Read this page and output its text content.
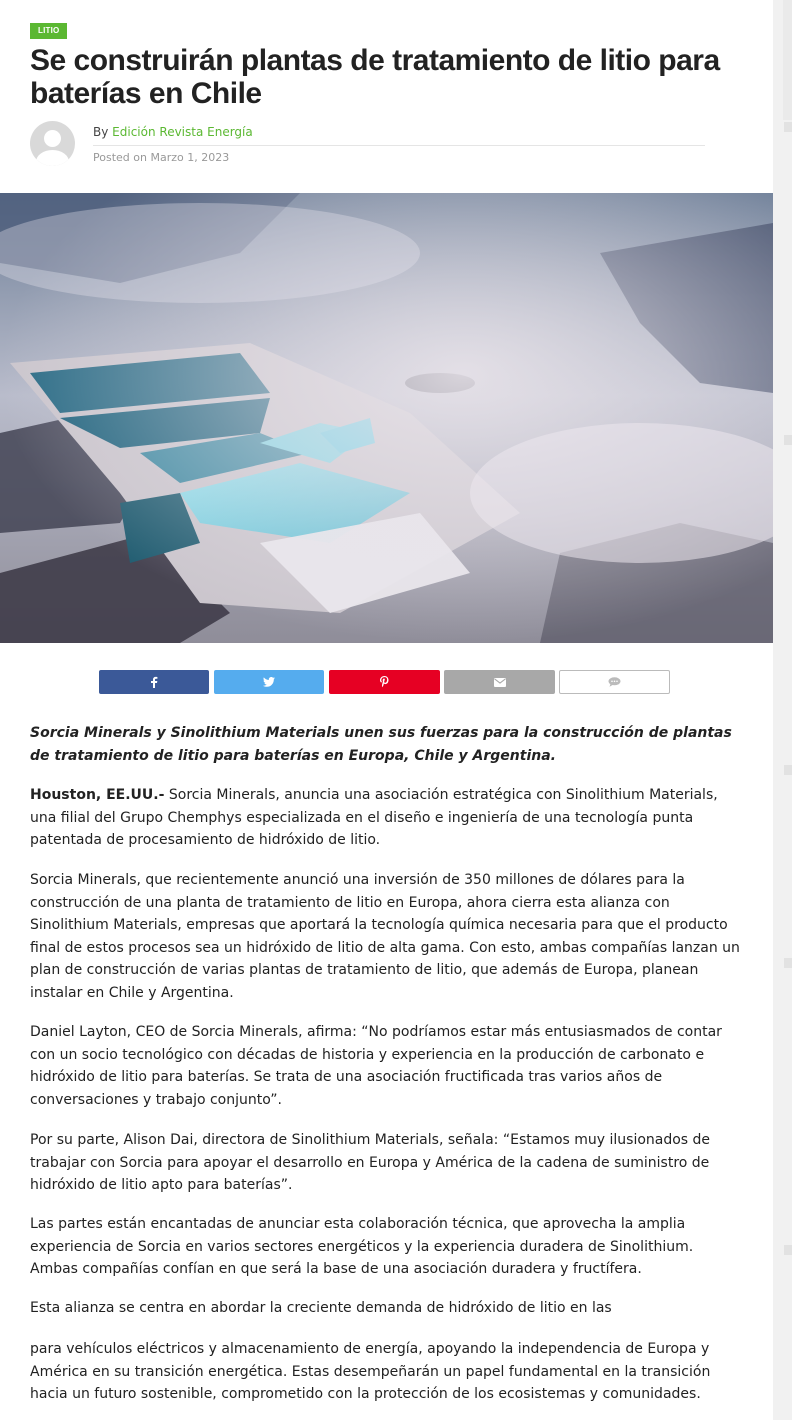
LITIO
Se construirán plantas de tratamiento de litio para baterías en Chile
By Edición Revista Energía
Posted on Marzo 1, 2023

Sorcia Minerals y Sinolithium Materials unen sus fuerzas para la construcción de plantas de tratamiento de litio para baterías en Europa, Chile y Argentina.

Houston, EE.UU.- Sorcia Minerals, anuncia una asociación estratégica con Sinolithium Materials, una filial del Grupo Chemphys especializada en el diseño e ingeniería de una tecnología punta patentada de procesamiento de hidróxido de litio.

Sorcia Minerals, que recientemente anunció una inversión de 350 millones de dólares para la construcción de una planta de tratamiento de litio en Europa, ahora cierra esta alianza con Sinolithium Materials, empresas que aportará la tecnología química necesaria para que el producto final de estos procesos sea un hidróxido de litio de alta gama. Con esto, ambas compañías lanzan un plan de construcción de varias plantas de tratamiento de litio, que además de Europa, planean instalar en Chile y Argentina.

Daniel Layton, CEO de Sorcia Minerals, afirma: “No podríamos estar más entusiasmados de contar con un socio tecnológico con décadas de historia y experiencia en la producción de carbonato e hidróxido de litio para baterías. Se trata de una asociación fructificada tras varios años de conversaciones y trabajo conjunto”.

Por su parte, Alison Dai, directora de Sinolithium Materials, señala: “Estamos muy ilusionados de trabajar con Sorcia para apoyar el desarrollo en Europa y América de la cadena de suministro de hidróxido de litio apto para baterías”.

Las partes están encantadas de anunciar esta colaboración técnica, que aprovecha la amplia experiencia de Sorcia en varios sectores energéticos y la experiencia duradera de Sinolithium. Ambas compañías confían en que será la base de una asociación duradera y fructífera.

Esta alianza se centra en abordar la creciente demanda de hidróxido de litio en las

para vehículos eléctricos y almacenamiento de energía, apoyando la independencia de Europa y América en su transición energética. Estas desempeñarán un papel fundamental en la transición hacia un futuro sostenible, comprometido con la protección de los ecosistemas y comunidades.
